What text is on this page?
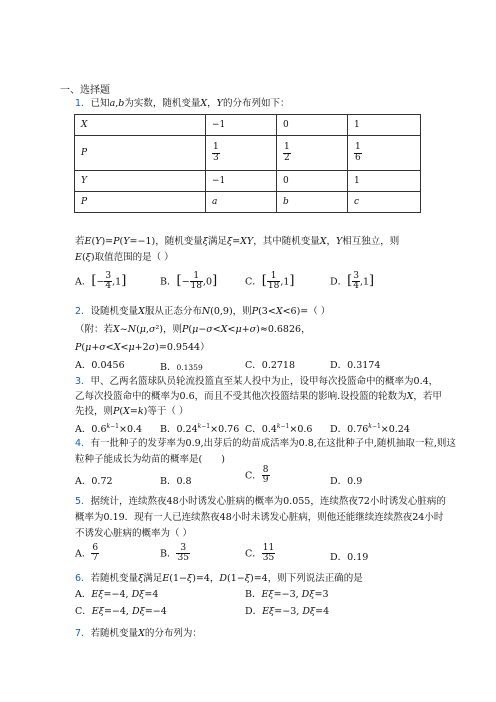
一、选择题
1．已知a,b为实数，随机变量X，Y的分布列如下：
X	−1	0	1
P	$\frac{1}{3}$	$\frac{1}{2}$	$\frac{1}{6}$

Y	−1	0	1
P	a	b	c
若E(Y)=P(Y=−1)，随机变量ξ满足ξ=XY，其中随机变量X，Y相互独立，则
E(ξ)取值范围的是（ ）
A．[− $\frac{3}{4} ,1$]	B．[− $\frac{1}{18} ,0$]	C．[ $\frac{1}{18} ,1$]	D．[ $\frac{3}{4} ,1$]
2．设随机变量X服从正态分布N(0,9)，则P(3<X<6)=（ ）
（附：若X~N(μ,σ²)，则P(μ−σ<X<μ+σ)≈0.6826，
P(μ+σ<X<μ+2σ)=0.9544）
A．0.0456	B．0.1359	C．0.2718	D．0.3174
3．甲、乙两名篮球队员轮流投篮直至某人投中为止，设甲每次投篮命中的概率为0.4，
乙每次投篮命中的概率为0.6，而且不受其他次投篮结果的影响.设投篮的轮数为X，若甲
先投，则P(X=k)等于（ ）
A．$0.6^{k-1}\times 0.4$ B．$0.24^{k-1}\times 0.76$ C．$0.4^{k-1}\times 0.6$ D．$0.76^{k-1}\times 0.24$
4．有一批种子的发芽率为0.9,出芽后的幼苗成活率为0.8,在这批种子中,随机抽取一粒,则这
粒种子能成长为幼苗的概率是(　　)
A．0.72	B．0.8
C． $\frac{8}{9}$	D．0.9
5．据统计，连续熬夜48小时诱发心脏病的概率为0.055，连续熬夜72小时诱发心脏病的
概率为0.19．现有一人已连续熬夜48小时未诱发心脏病，则他还能继续连续熬夜24小时
不诱发心脏病的概率为（ ）
A． $\frac{6}{7}$	B． $\frac{3}{35}$	C． $\frac{11}{35}$	D．0.19
6．若随机变量ξ满足E(1−ξ)=4，D(1−ξ)=4，则下列说法正确的是
A．Eξ=−4, Dξ=4	B．Eξ=−3, Dξ=3
C．Eξ=−4, Dξ=−4	D．Eξ=−3, Dξ=4
7．若随机变量X的分布列为：
